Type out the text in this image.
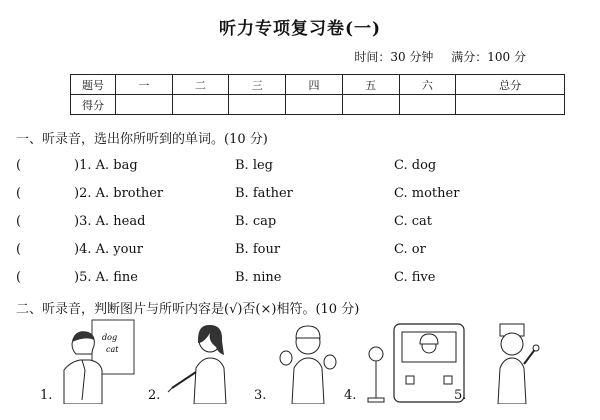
听力专项复习卷(一)
时间：30 分钟 满分：100 分
题号	一	二	三	四	五	六	总分
得分							
一、听录音，选出你所听到的单词。(10 分)
(	)1. A. bag	B. leg	C. dog
(	)2. A. brother	B. father	C. mother
(	)3. A. head	B. cap	C. cat
(	)4. A. your	B. four	C. or
(	)5. A. fine	B. nine	C. five
二、听录音，判断图片与所听内容是(√)否(×)相符。(10 分)
dog
cat
1.	2.	3.	4.	5.
